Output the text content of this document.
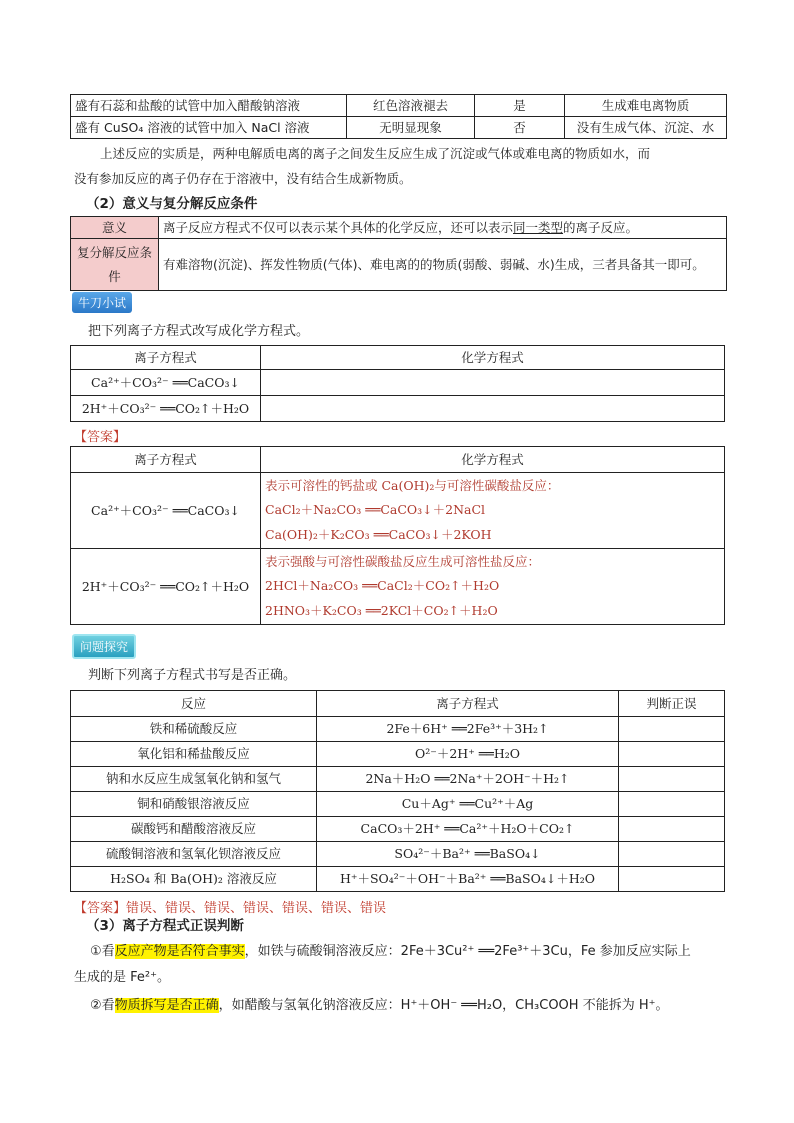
盛有石蕊和盐酸的试管中加入醋酸钠溶液	红色溶液褪去	是	生成难电离物质
盛有 CuSO₄ 溶液的试管中加入 NaCl 溶液	无明显现象	否	没有生成气体、沉淀、水
上述反应的实质是，两种电解质电离的离子之间发生反应生成了沉淀或气体或难电离的物质如水，而
没有参加反应的离子仍存在于溶液中，没有结合生成新物质。
（2）意义与复分解反应条件
意义	离子反应方程式不仅可以表示某个具体的化学反应，还可以表示同一类型的离子反应。
复分解反应条件	有难溶物(沉淀)、挥发性物质(气体)、难电离的的物质(弱酸、弱碱、水)生成，三者具备其一即可。
牛刀小试
把下列离子方程式改写成化学方程式。
离子方程式	化学方程式
Ca²⁺＋CO₃²⁻ ══CaCO₃↓	
2H⁺＋CO₃²⁻ ══CO₂↑＋H₂O	
【答案】
离子方程式	化学方程式
Ca²⁺＋CO₃²⁻ ══CaCO₃↓	表示可溶性的钙盐或 Ca(OH)₂与可溶性碳酸盐反应：
CaCl₂＋Na₂CO₃ ══CaCO₃↓＋2NaCl
Ca(OH)₂＋K₂CO₃ ══CaCO₃↓＋2KOH

2H⁺＋CO₃²⁻ ══CO₂↑＋H₂O	表示强酸与可溶性碳酸盐反应生成可溶性盐反应：
2HCl＋Na₂CO₃ ══CaCl₂＋CO₂↑＋H₂O
2HNO₃＋K₂CO₃ ══2KCl＋CO₂↑＋H₂O
问题探究
判断下列离子方程式书写是否正确。
反应	离子方程式	判断正误
铁和稀硫酸反应	2Fe＋6H⁺ ══2Fe³⁺＋3H₂↑	
氧化铝和稀盐酸反应	O²⁻＋2H⁺ ══H₂O	
钠和水反应生成氢氧化钠和氢气	2Na＋H₂O ══2Na⁺＋2OH⁻＋H₂↑	
铜和硝酸银溶液反应	Cu＋Ag⁺ ══Cu²⁺＋Ag	
碳酸钙和醋酸溶液反应	CaCO₃＋2H⁺ ══Ca²⁺＋H₂O＋CO₂↑	
硫酸铜溶液和氢氧化钡溶液反应	SO₄²⁻＋Ba²⁺ ══BaSO₄↓	
H₂SO₄ 和 Ba(OH)₂ 溶液反应	H⁺＋SO₄²⁻＋OH⁻＋Ba²⁺ ══BaSO₄↓＋H₂O	
【答案】错误、错误、错误、错误、错误、错误、错误
（3）离子方程式正误判断
①看反应产物是否符合事实，如铁与硫酸铜溶液反应：2Fe＋3Cu²⁺ ══2Fe³⁺＋3Cu，Fe 参加反应实际上
生成的是 Fe²⁺。
②看物质拆写是否正确，如醋酸与氢氧化钠溶液反应：H⁺＋OH⁻ ══H₂O，CH₃COOH 不能拆为 H⁺。
